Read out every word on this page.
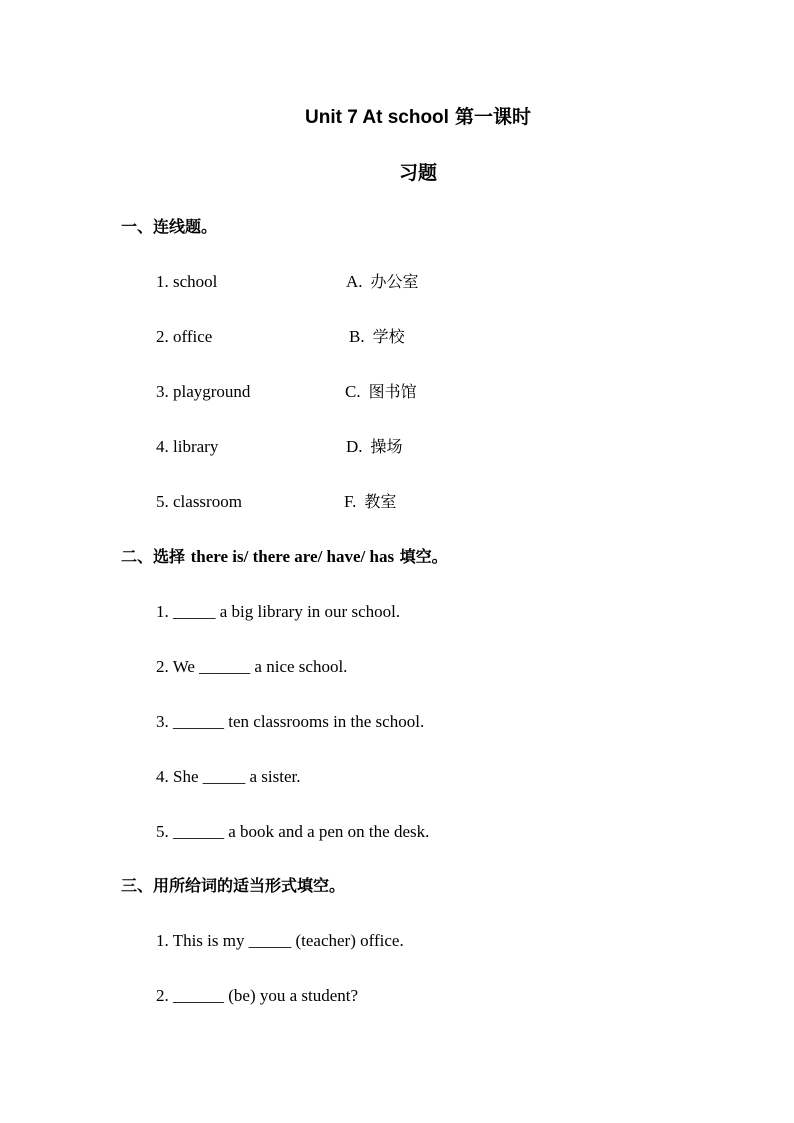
Unit 7 At school 第一课时
习题
一、连线题。
1. school	A. 办公室
2. office	B. 学校
3. playground	C. 图书馆
4. library	D. 操场
5. classroom	F. 教室
二、选择 there is/ there are/ have/ has 填空。
1. _____ a big library in our school.
2. We ______ a nice school.
3. ______ ten classrooms in the school.
4. She _____ a sister.
5. ______ a book and a pen on the desk.
三、用所给词的适当形式填空。
1. This is my _____ (teacher) office.
2. ______ (be) you a student?
